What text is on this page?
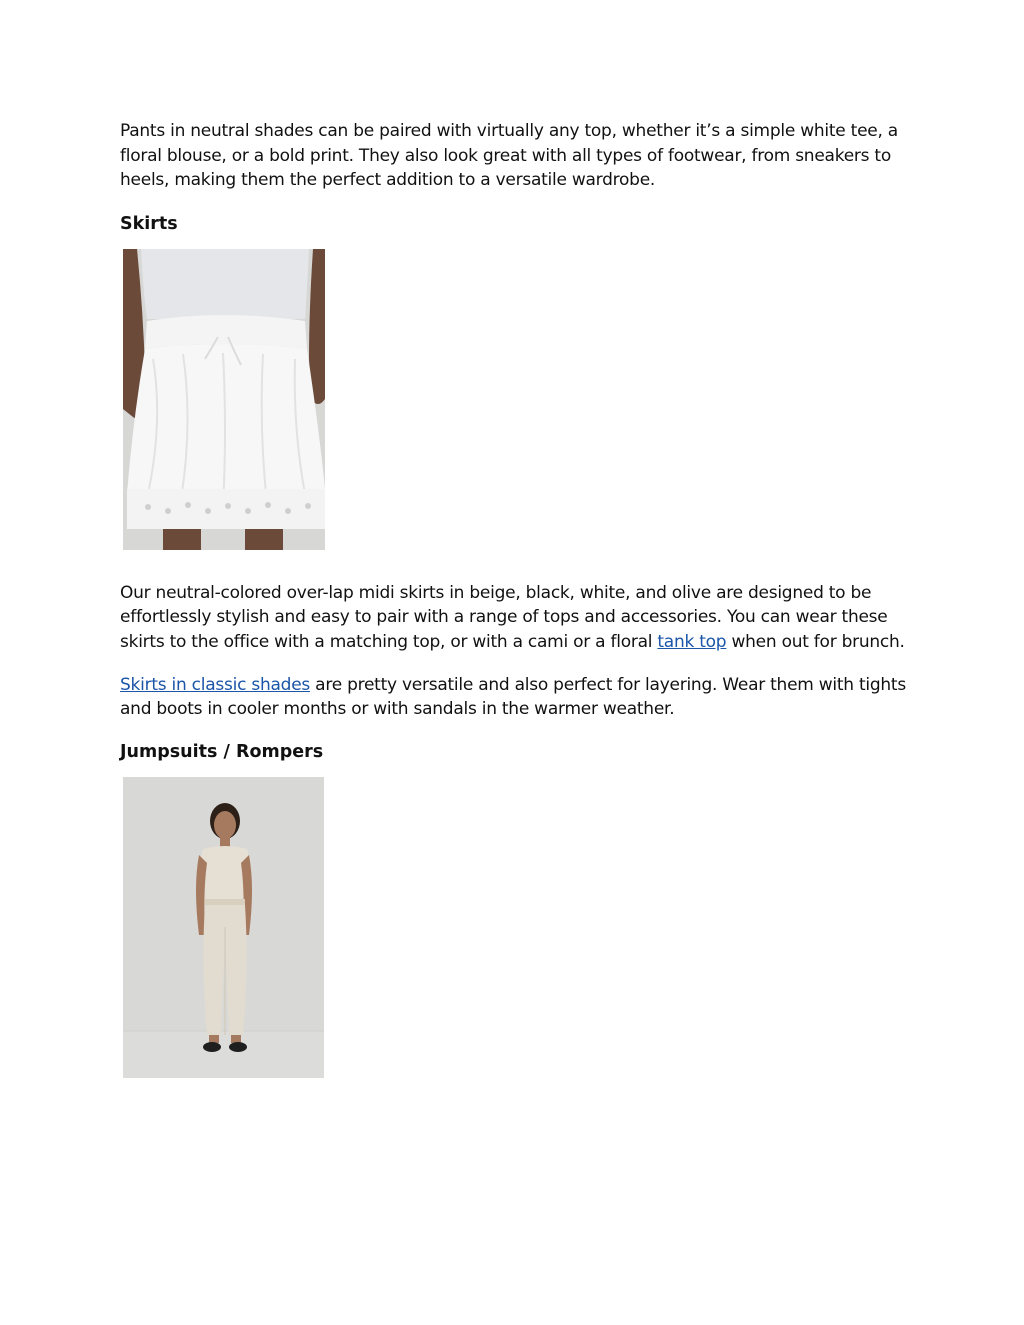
Pants in neutral shades can be paired with virtually any top, whether it’s a simple white tee, a floral blouse, or a bold print. They also look great with all types of footwear, from sneakers to heels, making them the perfect addition to a versatile wardrobe.

Skirts

Our neutral-colored over-lap midi skirts in beige, black, white, and olive are designed to be effortlessly stylish and easy to pair with a range of tops and accessories. You can wear these skirts to the office with a matching top, or with a cami or a floral tank top when out for brunch.

Skirts in classic shades are pretty versatile and also perfect for layering. Wear them with tights and boots in cooler months or with sandals in the warmer weather.

Jumpsuits / Rompers
